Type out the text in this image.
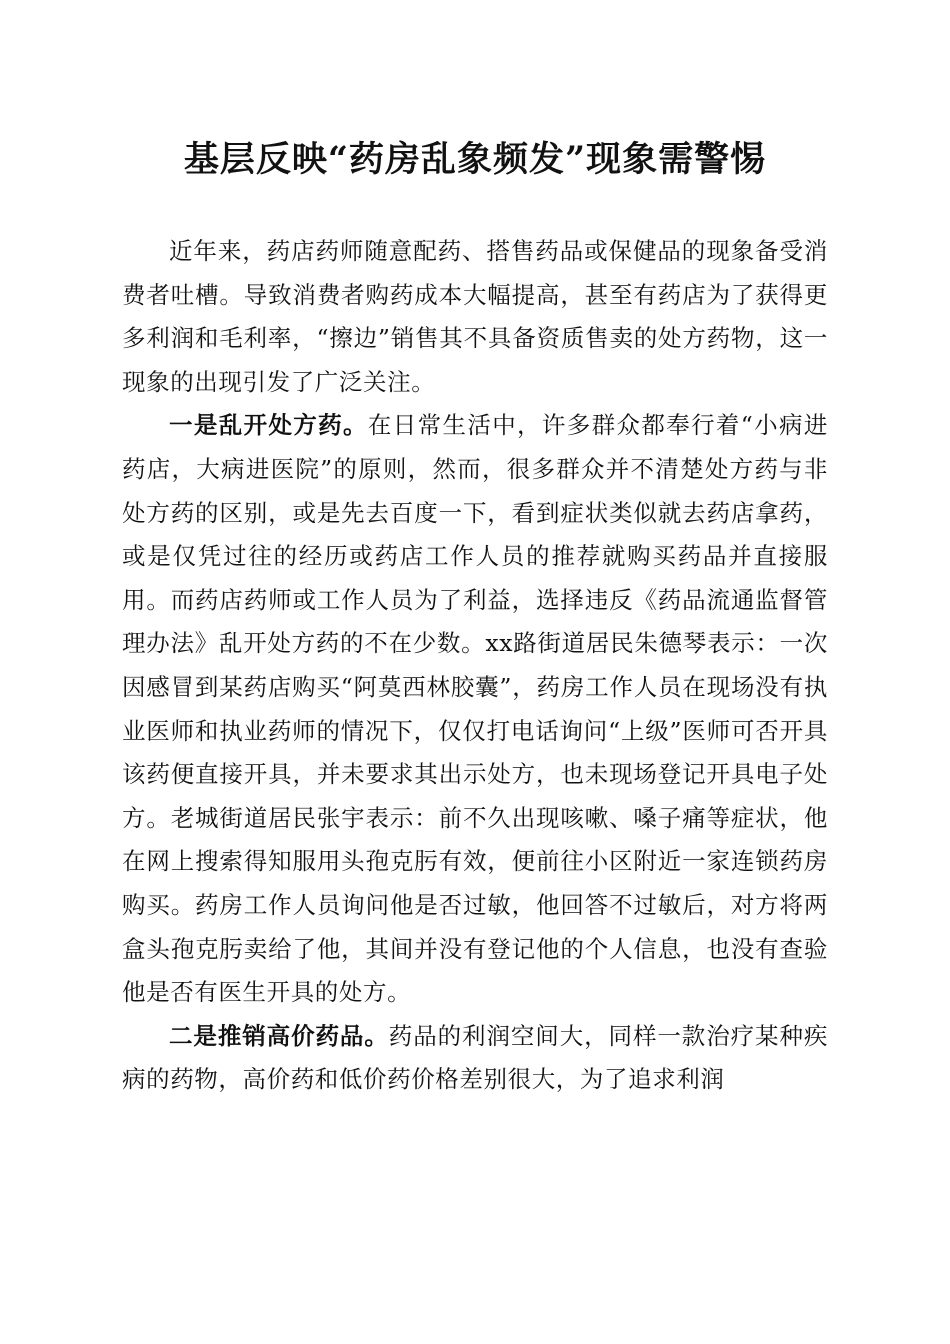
基层反映“药房乱象频发”现象需警惕

近年来，药店药师随意配药、搭售药品或保健品的现象备受消费者吐槽。导致消费者购药成本大幅提高，甚至有药店为了获得更多利润和毛利率，“擦边”销售其不具备资质售卖的处方药物，这一现象的出现引发了广泛关注。

一是乱开处方药。在日常生活中，许多群众都奉行着“小病进药店，大病进医院”的原则，然而，很多群众并不清楚处方药与非处方药的区别，或是先去百度一下，看到症状类似就去药店拿药，或是仅凭过往的经历或药店工作人员的推荐就购买药品并直接服用。而药店药师或工作人员为了利益，选择违反《药品流通监督管理办法》乱开处方药的不在少数。xx路街道居民朱德琴表示：一次因感冒到某药店购买“阿莫西林胶囊”，药房工作人员在现场没有执业医师和执业药师的情况下，仅仅打电话询问“上级”医师可否开具该药便直接开具，并未要求其出示处方，也未现场登记开具电子处方。老城街道居民张宇表示：前不久出现咳嗽、嗓子痛等症状，他在网上搜索得知服用头孢克肟有效，便前往小区附近一家连锁药房购买。药房工作人员询问他是否过敏，他回答不过敏后，对方将两盒头孢克肟卖给了他，其间并没有登记他的个人信息，也没有查验他是否有医生开具的处方。

二是推销高价药品。药品的利润空间大，同样一款治疗某种疾病的药物，高价药和低价药价格差别很大，为了追求利润
